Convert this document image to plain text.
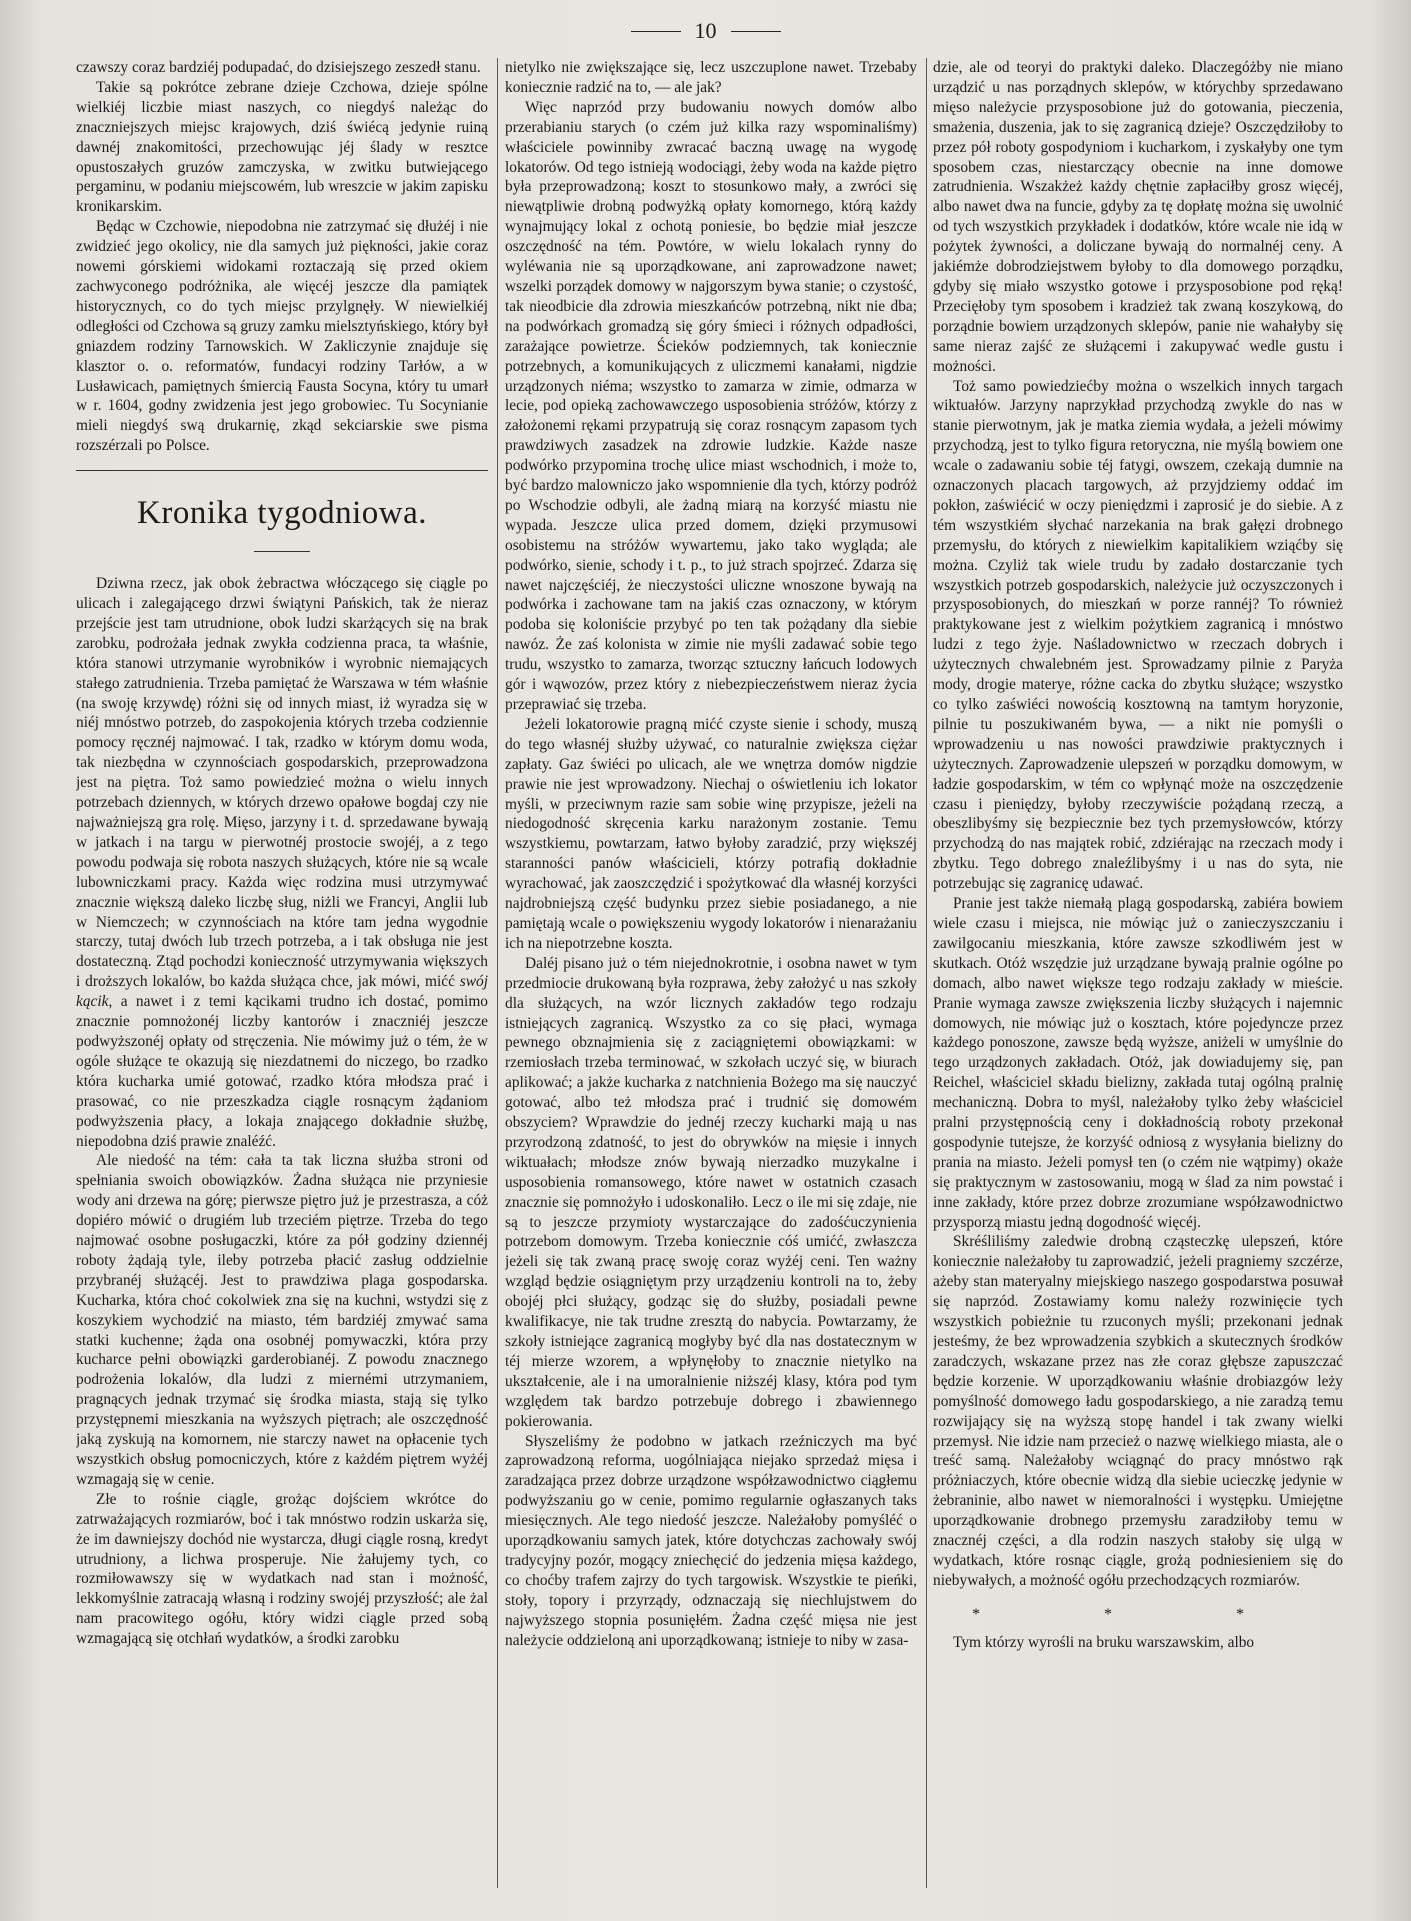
10

czawszy coraz bardziéj podupadać, do dzisiejszego zeszedł stanu.

Takie są pokrótce zebrane dzieje Czchowa, dzieje spólne wielkiéj liczbie miast naszych, co niegdyś należąc do znaczniejszych miejsc krajowych, dziś świécą jedynie ruiną dawnéj znakomitości, przechowując jéj ślady w resztce opustoszałych gruzów zamczyska, w zwitku butwiejącego pergaminu, w podaniu miejscowém, lub wreszcie w jakim zapisku kronikarskim.

Będąc w Czchowie, niepodobna nie zatrzymać się dłużéj i nie zwidzieć jego okolicy, nie dla samych już piękności, jakie coraz nowemi górskiemi widokami roztaczają się przed okiem zachwyconego podróżnika, ale więcéj jeszcze dla pamiątek historycznych, co do tych miejsc przylgnęły. W niewielkiéj odległości od Czchowa są gruzy zamku mielsztyńskiego, który był gniazdem rodziny Tarnowskich. W Zakliczynie znajduje się klasztor o. o. reformatów, fundacyi rodziny Tarłów, a w Lusławicach, pamiętnych śmiercią Fausta Socyna, który tu umarł w r. 1604, godny zwidzenia jest jego grobowiec. Tu Socynianie mieli niegdyś swą drukarnię, zkąd sekciarskie swe pisma rozszérzali po Polsce.

Kronika tygodniowa.

Dziwna rzecz, jak obok żebractwa włóczącego się ciągle po ulicach i zalegającego drzwi świątyni Pańskich, tak że nieraz przejście jest tam utrudnione, obok ludzi skarżących się na brak zarobku, podrożała jednak zwykła codzienna praca, ta właśnie, która stanowi utrzymanie wyrobników i wyrobnic niemających stałego zatrudnienia. Trzeba pamiętać że Warszawa w tém właśnie (na swoję krzywdę) różni się od innych miast, iż wyradza się w niéj mnóstwo potrzeb, do zaspokojenia których trzeba codziennie pomocy ręcznéj najmować. I tak, rzadko w którym domu woda, tak niezbędna w czynnościach gospodarskich, przeprowadzona jest na piętra. Toż samo powiedzieć można o wielu innych potrzebach dziennych, w których drzewo opałowe bogdaj czy nie najważniejszą gra rolę. Mięso, jarzyny i t. d. sprzedawane bywają w jatkach i na targu w pierwotnéj prostocie swojéj, a z tego powodu podwaja się robota naszych służących, które nie są wcale lubowniczkami pracy. Każda więc rodzina musi utrzymywać znacznie większą daleko liczbę sług, niżli we Francyi, Anglii lub w Niemczech; w czynnościach na które tam jedna wygodnie starczy, tutaj dwóch lub trzech potrzeba, a i tak obsługa nie jest dostateczną. Ztąd pochodzi konieczność utrzymywania większych i droższych lokalów, bo każda służąca chce, jak mówi, mićć swój kącik, a nawet i z temi kącikami trudno ich dostać, pomimo znacznie pomnożonéj liczby kantorów i znaczniéj jeszcze podwyższonéj opłaty od stręczenia. Nie mówimy już o tém, że w ogóle służące te okazują się niezdatnemi do niczego, bo rzadko która kucharka umié gotować, rzadko która młodsza prać i prasować, co nie przeszkadza ciągle rosnącym żądaniom podwyższenia płacy, a lokaja znającego dokładnie służbę, niepodobna dziś prawie znaléźć.

Ale niedość na tém: cała ta tak liczna służba stroni od spełniania swoich obowiązków. Żadna służąca nie przyniesie wody ani drzewa na górę; pierwsze piętro już je przestrasza, a cóż dopiéro mówić o drugiém lub trzeciém piętrze. Trzeba do tego najmować osobne posługaczki, które za pół godziny dziennéj roboty żądają tyle, ileby potrzeba płacić zasług oddzielnie przybranéj służącéj. Jest to prawdziwa plaga gospodarska. Kucharka, która choć cokolwiek zna się na kuchni, wstydzi się z koszykiem wychodzić na miasto, tém bardziéj zmywać sama statki kuchenne; żąda ona osobnéj pomywaczki, która przy kucharce pełni obowiązki garderobianéj. Z powodu znacznego podrożenia lokalów, dla ludzi z miernémi utrzymaniem, pragnących jednak trzymać się środka miasta, stają się tylko przystępnemi mieszkania na wyższych piętrach; ale oszczędność jaką zyskują na komornem, nie starczy nawet na opłacenie tych wszystkich obsług pomocniczych, które z każdém piętrem wyżéj wzmagają się w cenie.

Złe to rośnie ciągle, grożąc dojściem wkrótce do zatrważających rozmiarów, boć i tak mnóstwo rodzin uskarża się, że im dawniejszy dochód nie wystarcza, długi ciągle rosną, kredyt utrudniony, a lichwa prosperuje. Nie żałujemy tych, co rozmiłowawszy się w wydatkach nad stan i możność, lekkomyślnie zatracają własną i rodziny swojéj przyszłość; ale żal nam pracowitego ogółu, który widzi ciągle przed sobą wzmagającą się otchłań wydatków, a środki zarobku

nietylko nie zwiększające się, lecz uszczuplone nawet. Trzebaby koniecznie radzić na to, — ale jak?

Więc naprzód przy budowaniu nowych domów albo przerabianiu starych (o czém już kilka razy wspominaliśmy) właściciele powinniby zwracać baczną uwagę na wygodę lokatorów. Od tego istnieją wodociągi, żeby woda na każde piętro była przeprowadzoną; koszt to stosunkowo mały, a zwróci się niewątpliwie drobną podwyżką opłaty komornego, którą każdy wynajmujący lokal z ochotą poniesie, bo będzie miał jeszcze oszczędność na tém. Powtóre, w wielu lokalach rynny do wyléwania nie są uporządkowane, ani zaprowadzone nawet; wszelki porządek domowy w najgorszym bywa stanie; o czystość, tak nieodbicie dla zdrowia mieszkańców potrzebną, nikt nie dba; na podwórkach gromadzą się góry śmieci i różnych odpadłości, zarażające powietrze. Ścieków podziemnych, tak koniecznie potrzebnych, a komunikujących z uliczmemi kanałami, nigdzie urządzonych niéma; wszystko to zamarza w zimie, odmarza w lecie, pod opieką zachowawczego usposobienia stróżów, którzy z założonemi rękami przypatrują się coraz rosnącym zapasom tych prawdziwych zasadzek na zdrowie ludzkie. Każde nasze podwórko przypomina trochę ulice miast wschodnich, i może to, być bardzo malowniczo jako wspomnienie dla tych, którzy podróż po Wschodzie odbyli, ale żadną miarą na korzyść miastu nie wypada. Jeszcze ulica przed domem, dzięki przymusowi osobistemu na stróżów wywartemu, jako tako wygląda; ale podwórko, sienie, schody i t. p., to już strach spojrzeć. Zdarza się nawet najczęściéj, że nieczystości uliczne wnoszone bywają na podwórka i zachowane tam na jakiś czas oznaczony, w którym podoba się koloniście przybyć po ten tak pożądany dla siebie nawóz. Że zaś kolonista w zimie nie myśli zadawać sobie tego trudu, wszystko to zamarza, tworząc sztuczny łańcuch lodowych gór i wąwozów, przez który z niebezpieczeństwem nieraz życia przeprawiać się trzeba.

Jeżeli lokatorowie pragną mićć czyste sienie i schody, muszą do tego własnéj służby używać, co naturalnie zwiększa ciężar zapłaty. Gaz świéci po ulicach, ale we wnętrza domów nigdzie prawie nie jest wprowadzony. Niechaj o oświetleniu ich lokator myśli, w przeciwnym razie sam sobie winę przypisze, jeżeli na niedogodność skręcenia karku narażonym zostanie. Temu wszystkiemu, powtarzam, łatwo byłoby zaradzić, przy większéj staranności panów właścicieli, którzy potrafią dokładnie wyrachować, jak zaoszczędzić i spożytkować dla własnéj korzyści najdrobniejszą część budynku przez siebie posiadanego, a nie pamiętają wcale o powiększeniu wygody lokatorów i nienarażaniu ich na niepotrzebne koszta.

Daléj pisano już o tém niejednokrotnie, i osobna nawet w tym przedmiocie drukowaną była rozprawa, żeby założyć u nas szkoły dla służących, na wzór licznych zakładów tego rodzaju istniejących zagranicą. Wszystko za co się płaci, wymaga pewnego obznajmienia się z zaciągniętemi obowiązkami: w rzemiosłach trzeba terminować, w szkołach uczyć się, w biurach aplikować; a jakże kucharka z natchnienia Bożego ma się nauczyć gotować, albo też młodsza prać i trudnić się domowém obszyciem? Wprawdzie do jednéj rzeczy kucharki mają u nas przyrodzoną zdatność, to jest do obrywków na mięsie i innych wiktuałach; młodsze znów bywają nierzadko muzykalne i usposobienia romansowego, które nawet w ostatnich czasach znacznie się pomnożyło i udoskonaliło. Lecz o ile mi się zdaje, nie są to jeszcze przymioty wystarczające do zadośćuczynienia potrzebom domowym. Trzeba koniecznie cóś umićć, zwłaszcza jeżeli się tak zwaną pracę swoję coraz wyżéj ceni. Ten ważny wzgląd będzie osiągniętym przy urządzeniu kontroli na to, żeby obojéj płci służący, godząc się do służby, posiadali pewne kwalifikacye, nie tak trudne zresztą do nabycia. Powtarzamy, że szkoły istniejące zagranicą mogłyby być dla nas dostatecznym w téj mierze wzorem, a wpłynęłoby to znacznie nietylko na ukształcenie, ale i na umoralnienie niższéj klasy, która pod tym względem tak bardzo potrzebuje dobrego i zbawiennego pokierowania.

Słyszeliśmy że podobno w jatkach rzeźniczych ma być zaprowadzoną reforma, uogólniająca niejako sprzedaż mięsa i zaradzająca przez dobrze urządzone współzawodnictwo ciągłemu podwyższaniu go w cenie, pomimo regularnie ogłaszanych taks miesięcznych. Ale tego niedość jeszcze. Należałoby pomyśléć o uporządkowaniu samych jatek, które dotychczas zachowały swój tradycyjny pozór, mogący zniechęcić do jedzenia mięsa każdego, co choćby trafem zajrzy do tych targowisk. Wszystkie te pieńki, stoły, topory i przyrządy, odznaczają się niechlujstwem do najwyższego stopnia posunięłém. Żadna część mięsa nie jest należycie oddzieloną ani uporządkowaną; istnieje to niby w zasa-

dzie, ale od teoryi do praktyki daleko. Dlaczegóżby nie miano urządzić u nas porządnych sklepów, w którychby sprzedawano mięso należycie przysposobione już do gotowania, pieczenia, smażenia, duszenia, jak to się zagranicą dzieje? Oszczędziłoby to przez pół roboty gospodyniom i kucharkom, i zyskałyby one tym sposobem czas, niestarczący obecnie na inne domowe zatrudnienia. Wszakżeż każdy chętnie zapłaciłby grosz więcéj, albo nawet dwa na funcie, gdyby za tę dopłatę można się uwolnić od tych wszystkich przykładek i dodatków, które wcale nie idą w pożytek żywności, a doliczane bywają do normalnéj ceny. A jakiémże dobrodziejstwem byłoby to dla domowego porządku, gdyby się miało wszystko gotowe i przysposobione pod ręką! Przecięłoby tym sposobem i kradzież tak zwaną koszykową, do porządnie bowiem urządzonych sklepów, panie nie wahałyby się same nieraz zajść ze służącemi i zakupywać wedle gustu i możności.

Toż samo powiedziećby można o wszelkich innych targach wiktuałów. Jarzyny naprzykład przychodzą zwykle do nas w stanie pierwotnym, jak je matka ziemia wydała, a jeżeli mówimy przychodzą, jest to tylko figura retoryczna, nie myślą bowiem one wcale o zadawaniu sobie téj fatygi, owszem, czekają dumnie na oznaczonych placach targowych, aż przyjdziemy oddać im pokłon, zaświécić w oczy pieniędzmi i zaprosić je do siebie. A z tém wszystkiém słychać narzekania na brak gałęzi drobnego przemysłu, do których z niewielkim kapitalikiem wziąćby się można. Czyliż tak wiele trudu by zadało dostarczanie tych wszystkich potrzeb gospodarskich, należycie już oczyszczonych i przysposobionych, do mieszkań w porze rannéj? To również praktykowane jest z wielkim pożytkiem zagranicą i mnóstwo ludzi z tego żyje. Naśladownictwo w rzeczach dobrych i użytecznych chwalebném jest. Sprowadzamy pilnie z Paryża mody, drogie materye, różne cacka do zbytku służące; wszystko co tylko zaświéci nowością kosztowną na tamtym horyzonie, pilnie tu poszukiwaném bywa, — a nikt nie pomyśli o wprowadzeniu u nas nowości prawdziwie praktycznych i użytecznych. Zaprowadzenie ulepszeń w porządku domowym, w ładzie gospodarskim, w tém co wpłynąć może na oszczędzenie czasu i pieniędzy, byłoby rzeczywiście pożądaną rzeczą, a obeszlibyśmy się bezpiecznie bez tych przemysłowców, którzy przychodzą do nas majątek robić, zdziérając na rzeczach mody i zbytku. Tego dobrego znaleźlibyśmy i u nas do syta, nie potrzebując się zagranicę udawać.

Pranie jest także niemałą plagą gospodarską, zabiéra bowiem wiele czasu i miejsca, nie mówiąc już o zanieczyszczaniu i zawilgocaniu mieszkania, które zawsze szkodliwém jest w skutkach. Otóż wszędzie już urządzane bywają pralnie ogólne po domach, albo nawet większe tego rodzaju zakłady w mieście. Pranie wymaga zawsze zwiększenia liczby służących i najemnic domowych, nie mówiąc już o kosztach, które pojedyncze przez każdego ponoszone, zawsze będą wyższe, aniżeli w umyślnie do tego urządzonych zakładach. Otóż, jak dowiadujemy się, pan Reichel, właściciel składu bielizny, zakłada tutaj ogólną pralnię mechaniczną. Dobra to myśl, należałoby tylko żeby właściciel pralni przystępnością ceny i dokładnością roboty przekonał gospodynie tutejsze, że korzyść odniosą z wysyłania bielizny do prania na miasto. Jeżeli pomysł ten (o czém nie wątpimy) okaże się praktycznym w zastosowaniu, mogą w ślad za nim powstać i inne zakłady, które przez dobrze zrozumiane współzawodnictwo przysporzą miastu jedną dogodność więcéj.

Skréśliliśmy zaledwie drobną cząsteczkę ulepszeń, które koniecznie należałoby tu zaprowadzić, jeżeli pragniemy szczérze, ażeby stan materyalny miejskiego naszego gospodarstwa posuwał się naprzód. Zostawiamy komu należy rozwinięcie tych wszystkich pobieżnie tu rzuconych myśli; przekonani jednak jesteśmy, że bez wprowadzenia szybkich a skutecznych środków zaradczych, wskazane przez nas złe coraz głębsze zapuszczać będzie korzenie. W uporządkowaniu właśnie drobiazgów leży pomyślność domowego ładu gospodarskiego, a nie zaradzą temu rozwijający się na wyższą stopę handel i tak zwany wielki przemysł. Nie idzie nam przecież o nazwę wielkiego miasta, ale o treść samą. Należałoby wciągnąć do pracy mnóstwo rąk próżniaczych, które obecnie widzą dla siebie ucieczkę jedynie w żebraninie, albo nawet w niemoralności i występku. Umiejętne uporządkowanie drobnego przemysłu zaradziłoby temu w znacznéj części, a dla rodzin naszych stałoby się ulgą w wydatkach, które rosnąc ciągle, grożą podniesieniem się do niebywałych, a możność ogółu przechodzących rozmiarów.

* * *

Tym którzy wyrośli na bruku warszawskim, albo
